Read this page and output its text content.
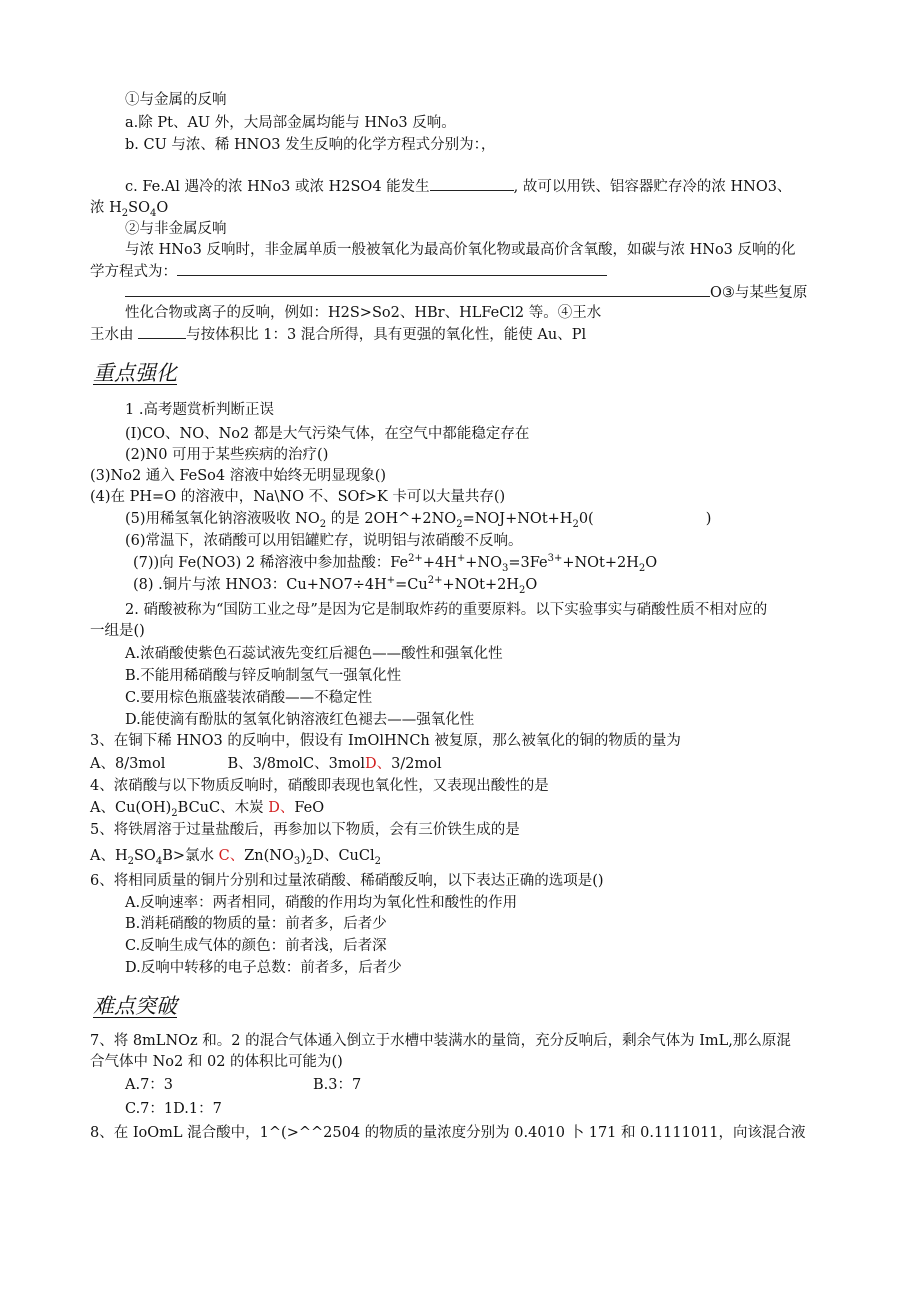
①与金属的反响
a.除 Pt、AU 外，大局部金属均能与 HNo3 反响。
b. CU 与浓、稀 HNO3 发生反响的化学方程式分别为：，
c. Fe.Al 遇冷的浓 HNo3 或浓 H2SO4 能发生	, 故可以用铁、铝容器贮存冷的浓 HNO3、
浓 $H_2SO_4O$
②与非金属反响
与浓 HNo3 反响时，非金属单质一般被氧化为最高价氧化物或最高价含氧酸，如碳与浓 HNo3 反响的化
学方程式为：
O③与某些复原
性化合物或离子的反响，例如：H2S>So2、HBr、HLFeCl2 等。④王水
王水由	与按体积比 1：3 混合所得，具有更强的氧化性，能使 Au、Pl
重点强化
1 .高考题赏析判断正误
(I)CO、NO、No2 都是大气污染气体，在空气中都能稳定存在
(2)N0 可用于某些疾病的治疗()
(3)No2 通入 FeSo4 溶液中始终无明显现象()
(4)在 PH=O 的溶液中，Na\NO 不、SOf>K 卡可以大量共存()
(5)用稀氢氧化钠溶液吸收 $NO_2$ 的是 $2OH\^{}+2NO_2=NOJ+NOt+H_20$(	)
(6)常温下，浓硝酸可以用铝罐贮存，说明铝与浓硝酸不反响。
(7))向 Fe(NO3) 2 稀溶液中参加盐酸：$Fe^{2+}+4H^++NO_3=3Fe^{3+}+NOt+2H_2O$
(8) .铜片与浓 HNO3：$Cu+NO7\div 4H^+=Cu^{2+}+NOt+2H_2O$
2. 硝酸被称为“国防工业之母”是因为它是制取炸药的重要原料。以下实验事实与硝酸性质不相对应的
一组是()
A.浓硝酸使紫色石蕊试液先变红后褪色——酸性和强氧化性
B.不能用稀硝酸与锌反响制氢气一强氧化性
C.要用棕色瓶盛装浓硝酸——不稳定性
D.能使滴有酚肽的氢氧化钠溶液红色褪去——强氧化性
3、在铜下稀 HNO3 的反响中，假设有 ImOlHNCh 被复原，那么被氧化的铜的物质的量为
A、8/3mol	B、3∕8molC、3molD、3∕2mol
4、浓硝酸与以下物质反响时，硝酸即表现也氧化性，又表现出酸性的是
A、$Cu(OH)_2BCuC$、木炭 D、FeO
5、将铁屑溶于过量盐酸后，再参加以下物质，会有三价铁生成的是
A、$H_2SO_4B>$氯水 C、$Zn(NO_3)_2D$、CuCl$_2$
6、将相同质量的铜片分别和过量浓硝酸、稀硝酸反响，以下表达正确的选项是()
A.反响速率：两者相同，硝酸的作用均为氧化性和酸性的作用
B.消耗硝酸的物质的量：前者多，后者少
C.反响生成气体的颜色：前者浅，后者深
D.反响中转移的电子总数：前者多，后者少
难点突破
7、将 8mLNOz 和。2 的混合气体通入倒立于水槽中装满水的量筒，充分反响后，剩余气体为 ImL,那么原混
合气体中 No2 和 02 的体积比可能为()
A.7：3	B.3：7
C.7：1D.1：7
8、在 IoOmL 混合酸中，1^(>^^2504 的物质的量浓度分别为 0.4010 卜 171 和 0.1111011，向该混合液
